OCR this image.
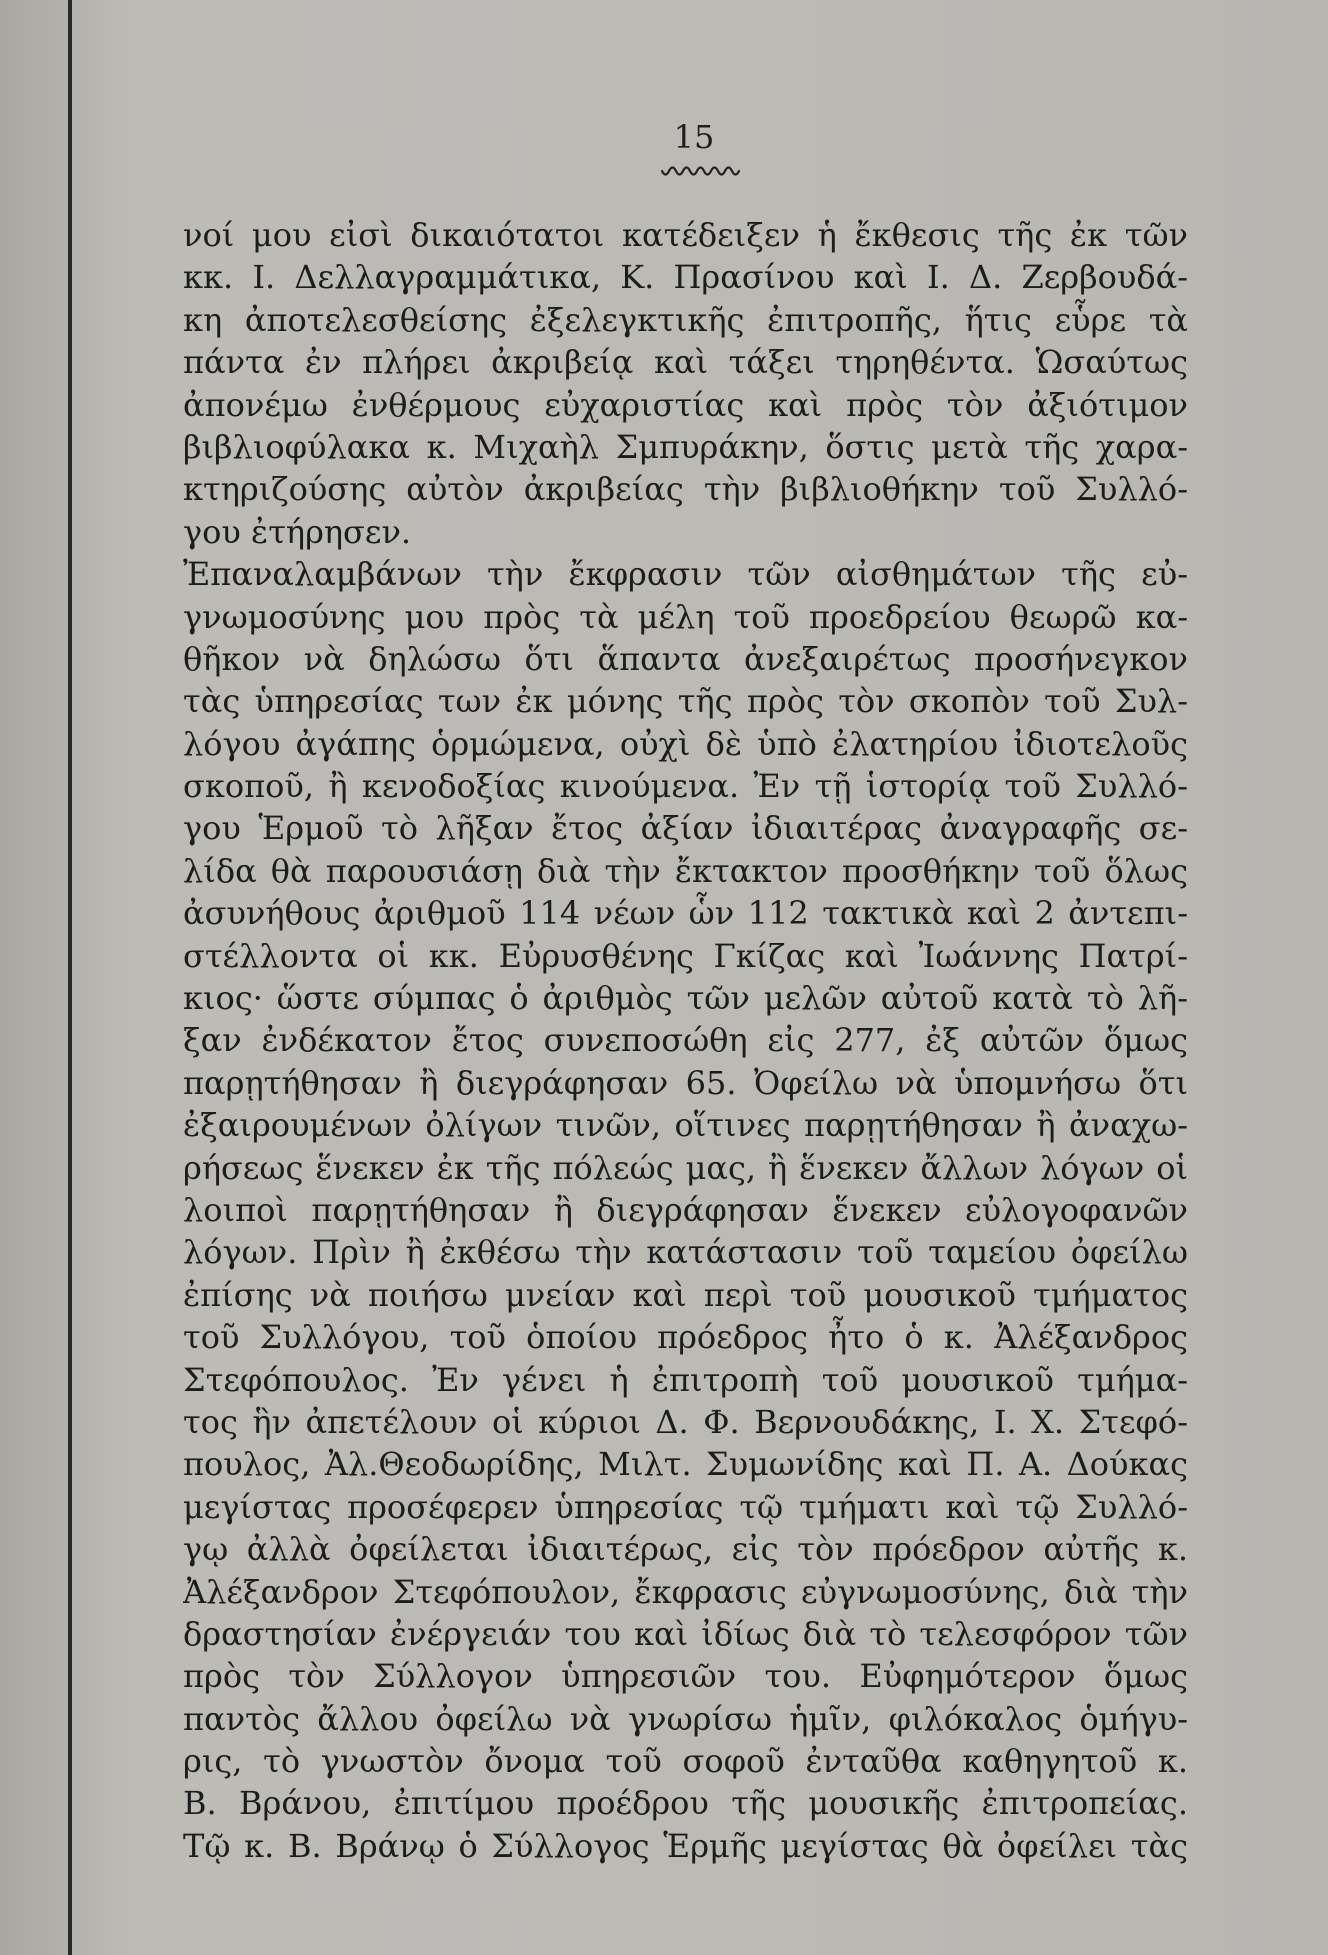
15
νοί μου εἰσὶ δικαιότατοι κατέδειξεν ἡ ἔκθεσις τῆς ἐκ τῶν
κκ. Ι. Δελλαγραμμάτικα, Κ. Πρασίνου καὶ Ι. Δ. Ζερβουδά-
κη ἀποτελεσθείσης ἐξελεγκτικῆς ἐπιτροπῆς, ἥτις εὗρε τὰ
πάντα ἐν πλήρει ἀκριβείᾳ καὶ τάξει τηρηθέντα. Ὡσαύτως
ἀπονέμω ἐνθέρμους εὐχαριστίας καὶ πρὸς τὸν ἀξιότιμον
βιβλιοφύλακα κ. Μιχαὴλ Σμπυράκην, ὅστις μετὰ τῆς χαρα-
κτηριζούσης αὐτὸν ἀκριβείας τὴν βιβλιοθήκην τοῦ Συλλό-
γου ἐτήρησεν.
Ἐπαναλαμβάνων τὴν ἔκφρασιν τῶν αἰσθημάτων τῆς εὐ-
γνωμοσύνης μου πρὸς τὰ μέλη τοῦ προεδρείου θεωρῶ κα-
θῆκον νὰ δηλώσω ὅτι ἅπαντα ἀνεξαιρέτως προσήνεγκον
τὰς ὑπηρεσίας των ἐκ μόνης τῆς πρὸς τὸν σκοπὸν τοῦ Συλ-
λόγου ἀγάπης ὁρμώμενα, οὐχὶ δὲ ὑπὸ ἐλατηρίου ἰδιοτελοῦς
σκοποῦ, ἢ κενοδοξίας κινούμενα. Ἐν τῇ ἱστορίᾳ τοῦ Συλλό-
γου Ἑρμοῦ τὸ λῆξαν ἔτος ἀξίαν ἰδιαιτέρας ἀναγραφῆς σε-
λίδα θὰ παρουσιάσῃ διὰ τὴν ἔκτακτον προσθήκην τοῦ ὅλως
ἀσυνήθους ἀριθμοῦ 114 νέων ὧν 112 τακτικὰ καὶ 2 ἀντεπι-
στέλλοντα οἱ κκ. Εὐρυσθένης Γκίζας καὶ Ἰωάννης Πατρί-
κιος· ὥστε σύμπας ὁ ἀριθμὸς τῶν μελῶν αὐτοῦ κατὰ τὸ λῆ-
ξαν ἐνδέκατον ἔτος συνεποσώθη εἰς 277, ἐξ αὐτῶν ὅμως
παρῃτήθησαν ἢ διεγράφησαν 65. Ὀφείλω νὰ ὑπομνήσω ὅτι
ἐξαιρουμένων ὀλίγων τινῶν, οἵτινες παρῃτήθησαν ἢ ἀναχω-
ρήσεως ἕνεκεν ἐκ τῆς πόλεώς μας, ἢ ἕνεκεν ἄλλων λόγων οἱ
λοιποὶ παρῃτήθησαν ἢ διεγράφησαν ἕνεκεν εὐλογοφανῶν
λόγων. Πρὶν ἢ ἐκθέσω τὴν κατάστασιν τοῦ ταμείου ὀφείλω
ἐπίσης νὰ ποιήσω μνείαν καὶ περὶ τοῦ μουσικοῦ τμήματος
τοῦ Συλλόγου, τοῦ ὁποίου πρόεδρος ἦτο ὁ κ. Ἀλέξανδρος
Στεφόπουλος. Ἐν γένει ἡ ἐπιτροπὴ τοῦ μουσικοῦ τμήμα-
τος ἣν ἀπετέλουν οἱ κύριοι Δ. Φ. Βερνουδάκης, Ι. Χ. Στεφό-
πουλος, Ἀλ.Θεοδωρίδης, Μιλτ. Συμωνίδης καὶ Π. Α. Δούκας
μεγίστας προσέφερεν ὑπηρεσίας τῷ τμήματι καὶ τῷ Συλλό-
γῳ ἀλλὰ ὀφείλεται ἰδιαιτέρως, εἰς τὸν πρόεδρον αὐτῆς κ.
Ἀλέξανδρον Στεφόπουλον, ἔκφρασις εὐγνωμοσύνης, διὰ τὴν
δραστησίαν ἐνέργειάν του καὶ ἰδίως διὰ τὸ τελεσφόρον τῶν
πρὸς τὸν Σύλλογον ὑπηρεσιῶν του. Εὐφημότερον ὅμως
παντὸς ἄλλου ὀφείλω νὰ γνωρίσω ἡμῖν, φιλόκαλος ὁμήγυ-
ρις, τὸ γνωστὸν ὄνομα τοῦ σοφοῦ ἐνταῦθα καθηγητοῦ κ.
Β. Βράνου, ἐπιτίμου προέδρου τῆς μουσικῆς ἐπιτροπείας.
Τῷ κ. Β. Βράνῳ ὁ Σύλλογος Ἑρμῆς μεγίστας θὰ ὀφείλει τὰς
